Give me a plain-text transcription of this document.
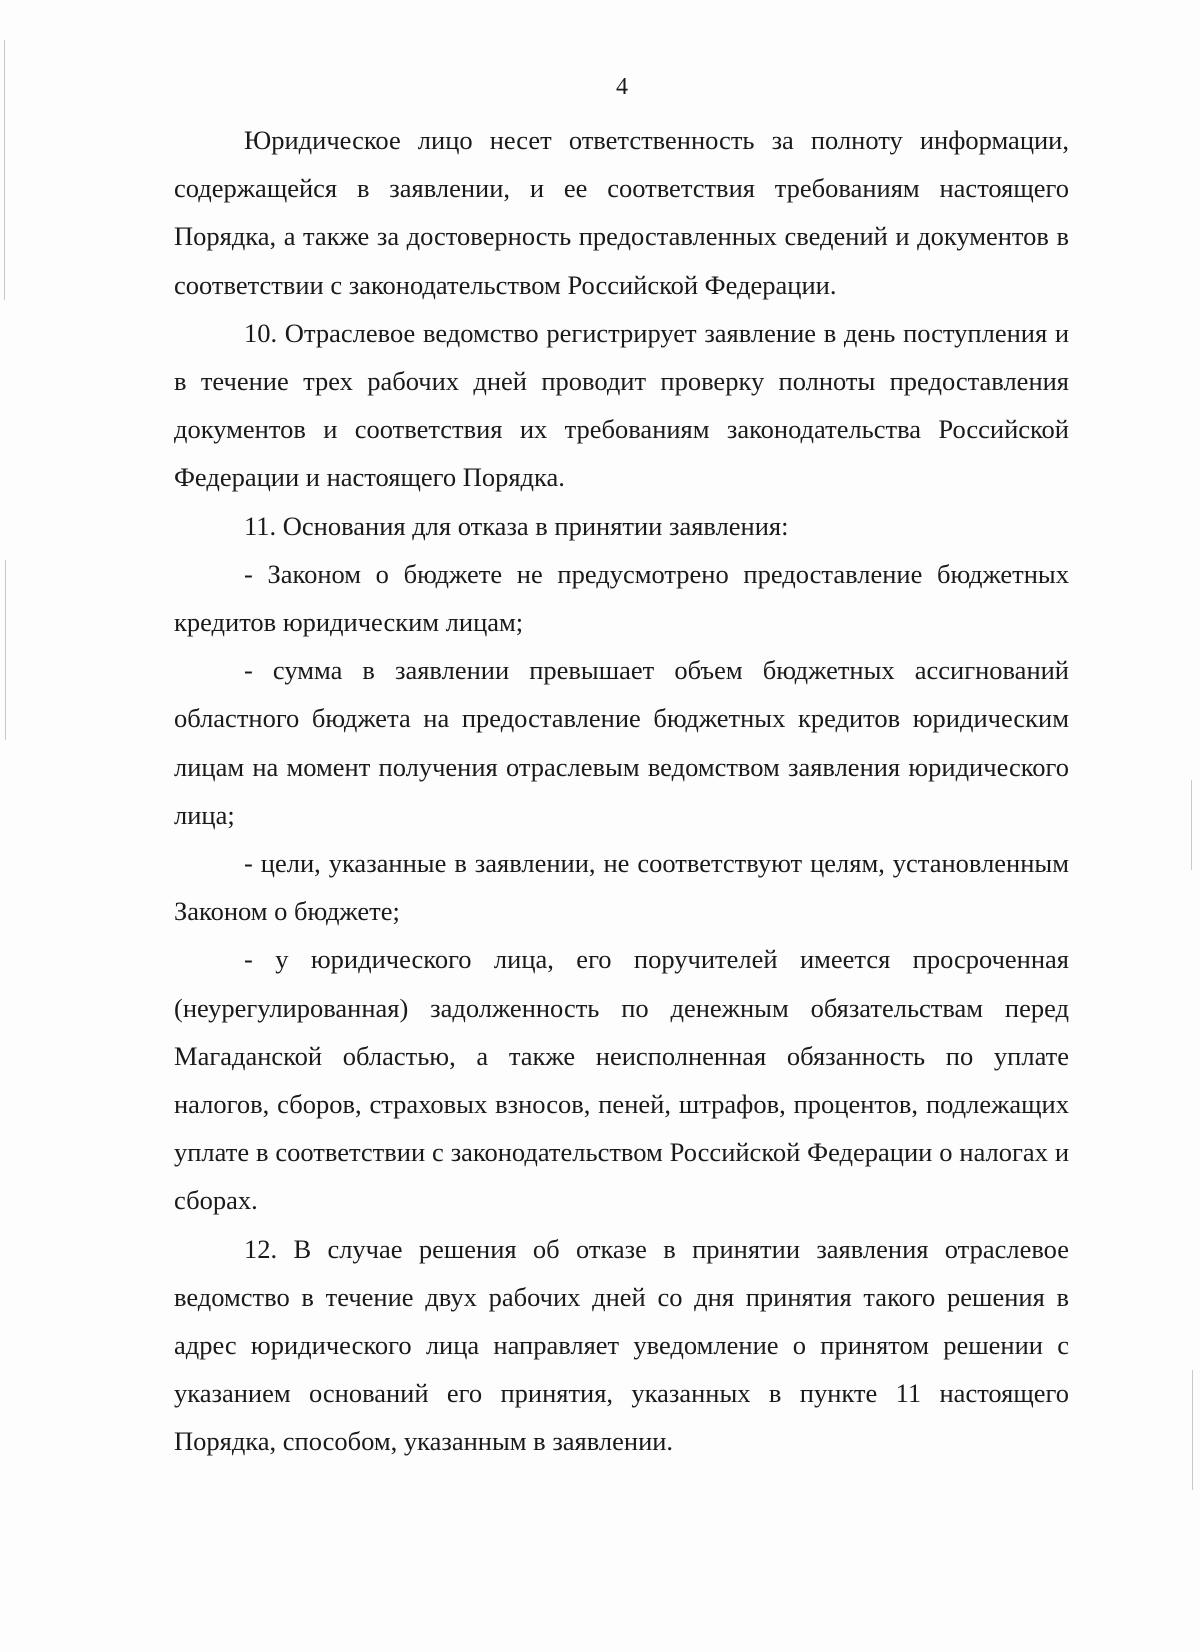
4

Юридическое лицо несет ответственность за полноту информации, содержащейся в заявлении, и ее соответствия требованиям настоящего Порядка, а также за достоверность предоставленных сведений и документов в соответствии с законодательством Российской Федерации.

10. Отраслевое ведомство регистрирует заявление в день поступления и в течение трех рабочих дней проводит проверку полноты предоставления документов и соответствия их требованиям законодательства Российской Федерации и настоящего Порядка.

11. Основания для отказа в принятии заявления:

- Законом о бюджете не предусмотрено предоставление бюджетных кредитов юридическим лицам;

- сумма в заявлении превышает объем бюджетных ассигнований областного бюджета на предоставление бюджетных кредитов юридическим лицам на момент получения отраслевым ведомством заявления юридического лица;

- цели, указанные в заявлении, не соответствуют целям, установленным Законом о бюджете;

- у юридического лица, его поручителей имеется просроченная (неурегулированная) задолженность по денежным обязательствам перед Магаданской областью, а также неисполненная обязанность по уплате налогов, сборов, страховых взносов, пеней, штрафов, процентов, подлежащих уплате в соответствии с законодательством Российской Федерации о налогах и сборах.

12. В случае решения об отказе в принятии заявления отраслевое ведомство в течение двух рабочих дней со дня принятия такого решения в адрес юридического лица направляет уведомление о принятом решении с указанием оснований его принятия, указанных в пункте 11 настоящего Порядка, способом, указанным в заявлении.
